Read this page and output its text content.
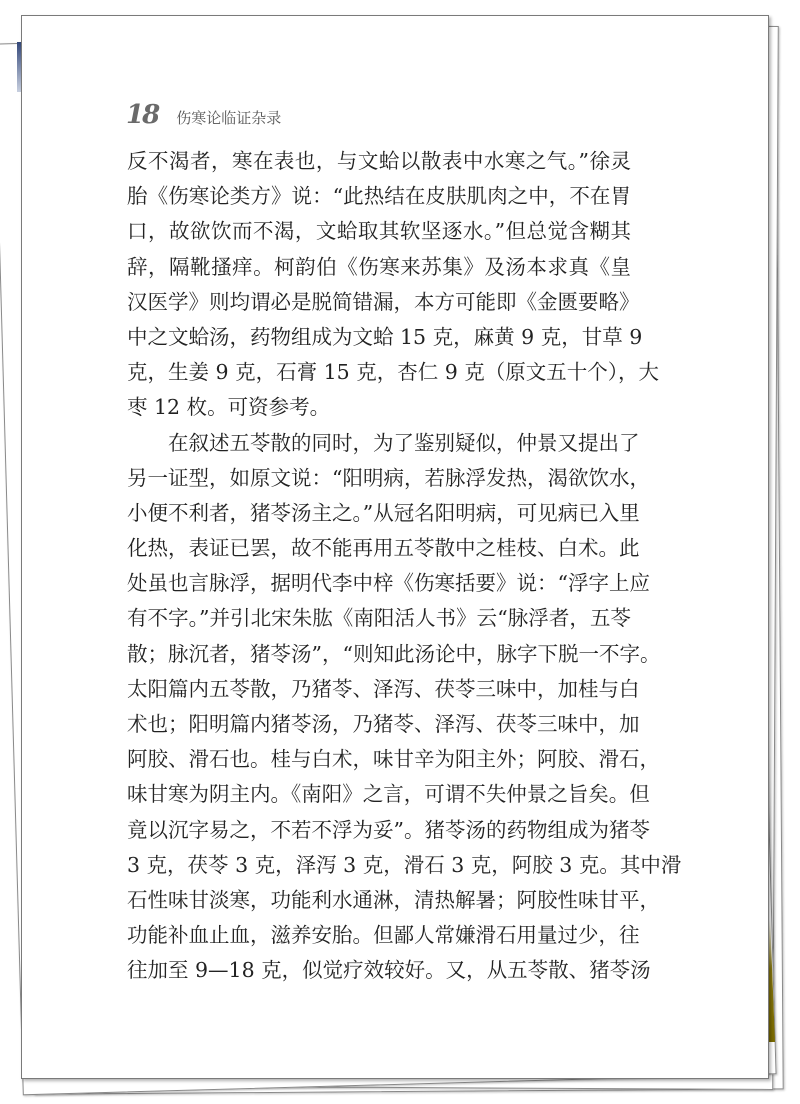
18 伤寒论临证杂录
反不渴者，寒在表也，与文蛤以散表中水寒之气。”徐灵
胎《伤寒论类方》说：“此热结在皮肤肌肉之中，不在胃
口，故欲饮而不渴，文蛤取其软坚逐水。”但总觉含糊其
辞，隔靴搔痒。柯韵伯《伤寒来苏集》及汤本求真《皇
汉医学》则均谓必是脱简错漏，本方可能即《金匮要略》
中之文蛤汤，药物组成为文蛤 15 克，麻黄 9 克，甘草 9
克，生姜 9 克，石膏 15 克，杏仁 9 克（原文五十个），大
枣 12 枚。可资参考。
在叙述五苓散的同时，为了鉴别疑似，仲景又提出了
另一证型，如原文说：“阳明病，若脉浮发热，渴欲饮水，
小便不利者，猪苓汤主之。”从冠名阳明病，可见病已入里
化热，表证已罢，故不能再用五苓散中之桂枝、白术。此
处虽也言脉浮，据明代李中梓《伤寒括要》说：“浮字上应
有不字。”并引北宋朱肱《南阳活人书》云“脉浮者，五苓
散；脉沉者，猪苓汤”，“则知此汤论中，脉字下脱一不字。
太阳篇内五苓散，乃猪苓、泽泻、茯苓三味中，加桂与白
术也；阳明篇内猪苓汤，乃猪苓、泽泻、茯苓三味中，加
阿胶、滑石也。桂与白术，味甘辛为阳主外；阿胶、滑石，
味甘寒为阴主内。《南阳》之言，可谓不失仲景之旨矣。但
竟以沉字易之，不若不浮为妥”。猪苓汤的药物组成为猪苓
3 克，茯苓 3 克，泽泻 3 克，滑石 3 克，阿胶 3 克。其中滑
石性味甘淡寒，功能利水通淋，清热解暑；阿胶性味甘平，
功能补血止血，滋养安胎。但鄙人常嫌滑石用量过少，往
往加至 9—18 克，似觉疗效较好。又，从五苓散、猪苓汤
